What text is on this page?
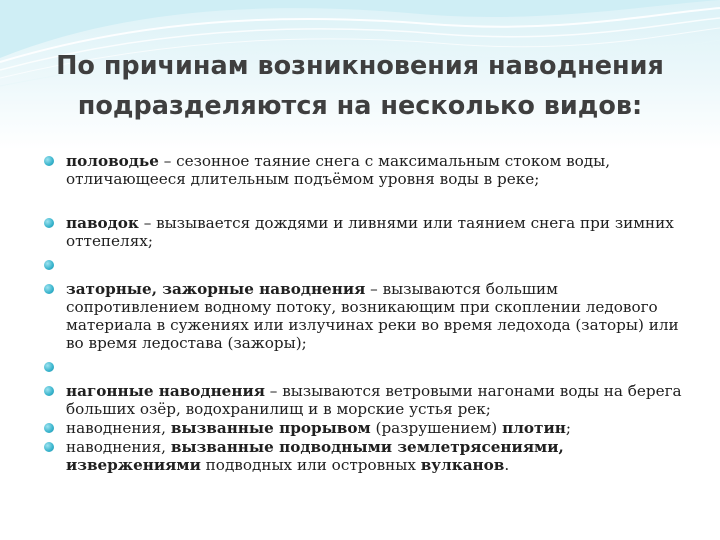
По причинам возникновения наводнения
подразделяются на несколько видов:
половодье – сезонное таяние снега с максимальным стоком воды, отличающееся длительным подъёмом уровня воды в реке;
паводок – вызывается дождями и ливнями или таянием снега при зимних оттепелях;

заторные, зажорные наводнения – вызываются большим сопротивлением водному потоку, возникающим при скоплении ледового материала в сужениях или излучинах реки во время ледохода (заторы) или во время ледостава (зажоры);

нагонные наводнения – вызываются ветровыми нагонами воды на берега больших озёр, водохранилищ и в морские устья рек;
наводнения, вызванные прорывом (разрушением) плотин;
наводнения, вызванные подводными землетрясениями, извержениями подводных или островных вулканов.
